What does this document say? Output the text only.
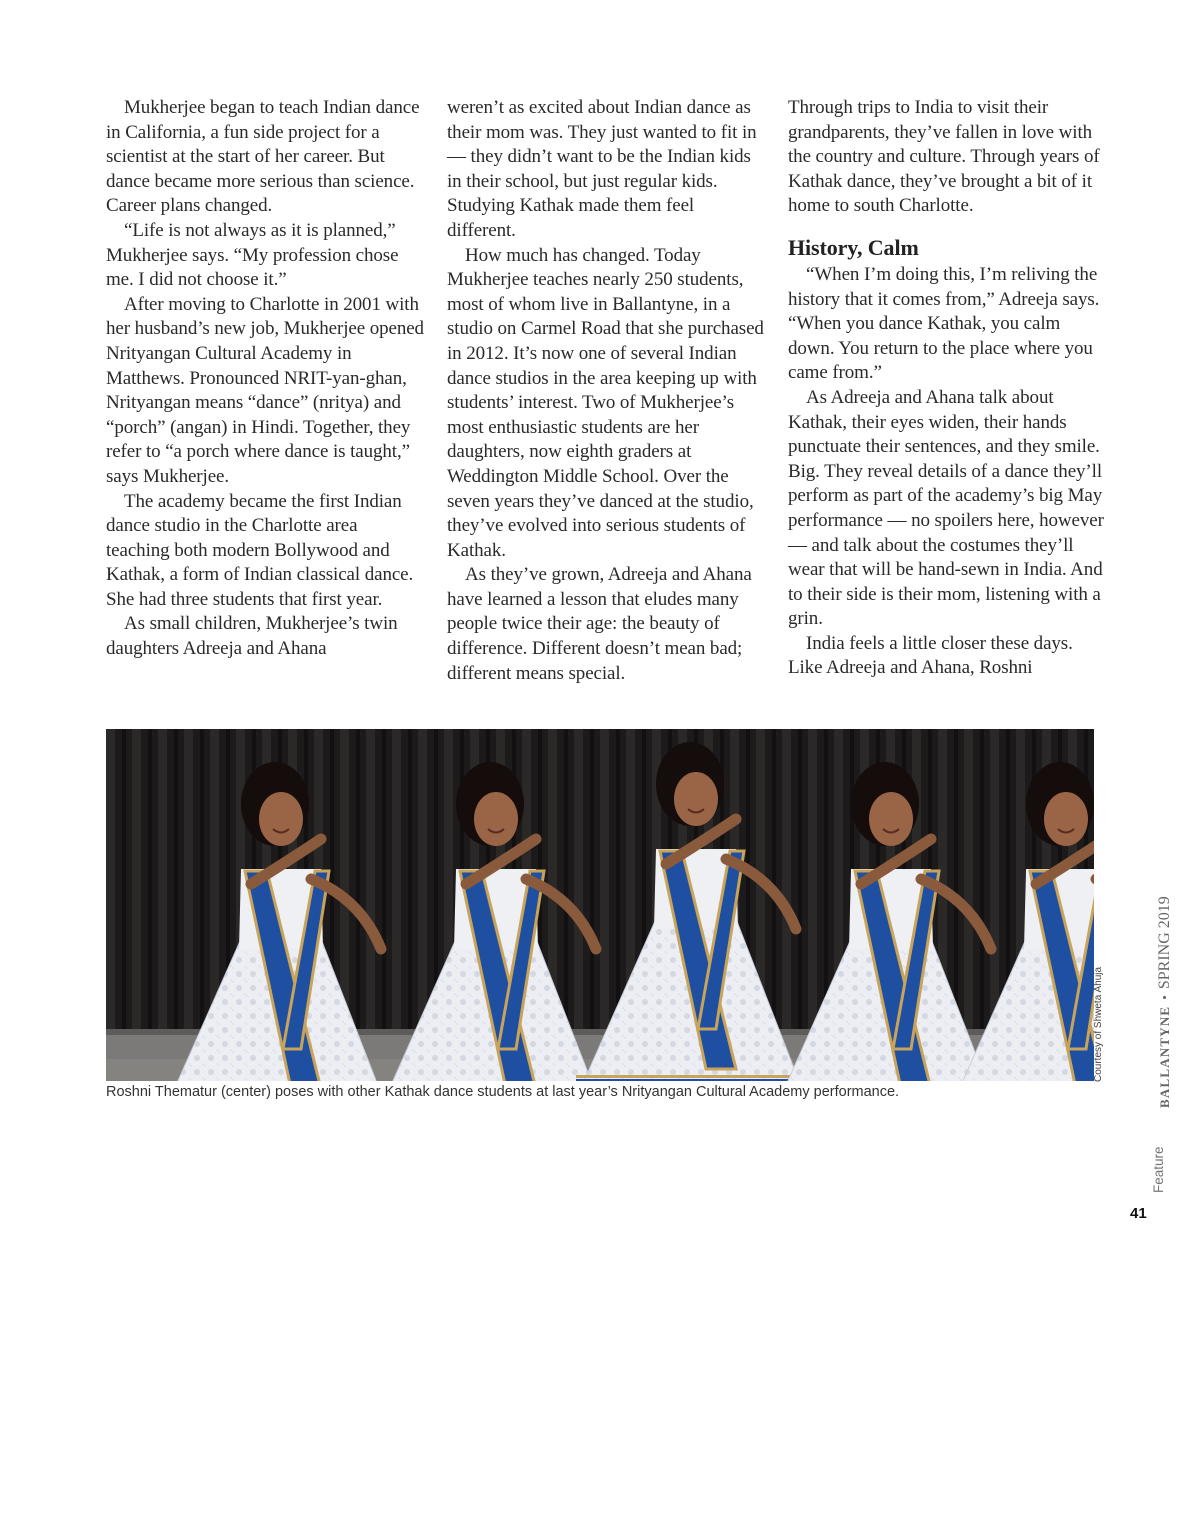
Mukherjee began to teach Indian dance in California, a fun side project for a scientist at the start of her career. But dance became more serious than science. Career plans changed.

“Life is not always as it is planned,” Mukherjee says. “My profession chose me. I did not choose it.”

After moving to Charlotte in 2001 with her husband’s new job, Mukherjee opened Nrityangan Cultural Academy in Matthews. Pronounced NRIT-yan-ghan, Nrityangan means “dance” (nritya) and “porch” (angan) in Hindi. Together, they refer to “a porch where dance is taught,” says Mukherjee.

The academy became the first Indian dance studio in the Charlotte area teaching both modern Bollywood and Kathak, a form of Indian classical dance. She had three students that first year.

As small children, Mukherjee’s twin daughters Adreeja and Ahana

weren’t as excited about Indian dance as their mom was. They just wanted to fit in — they didn’t want to be the Indian kids in their school, but just regular kids. Studying Kathak made them feel different.

How much has changed. Today Mukherjee teaches nearly 250 students, most of whom live in Ballantyne, in a studio on Carmel Road that she purchased in 2012. It’s now one of several Indian dance studios in the area keeping up with students’ interest. Two of Mukherjee’s most enthusiastic students are her daughters, now eighth graders at Weddington Middle School. Over the seven years they’ve danced at the studio, they’ve evolved into serious students of Kathak.

As they’ve grown, Adreeja and Ahana have learned a lesson that eludes many people twice their age: the beauty of difference. Different doesn’t mean bad; different means special.

Through trips to India to visit their grandparents, they’ve fallen in love with the country and culture. Through years of Kathak dance, they’ve brought a bit of it home to south Charlotte.

History, Calm

“When I’m doing this, I’m reliving the history that it comes from,” Adreeja says. “When you dance Kathak, you calm down. You return to the place where you came from.”

As Adreeja and Ahana talk about Kathak, their eyes widen, their hands punctuate their sentences, and they smile. Big. They reveal details of a dance they’ll perform as part of the academy’s big May performance — no spoilers here, however — and talk about the costumes they’ll wear that will be hand-sewn in India. And to their side is their mom, listening with a grin.

India feels a little closer these days. Like Adreeja and Ahana, Roshni

Roshni Thematur (center) poses with other Kathak dance students at last year’s Nrityangan Cultural Academy performance.
Courtesy of Shweta Ahuja	BALLANTYNE•SPRING 2019
41
Feature
